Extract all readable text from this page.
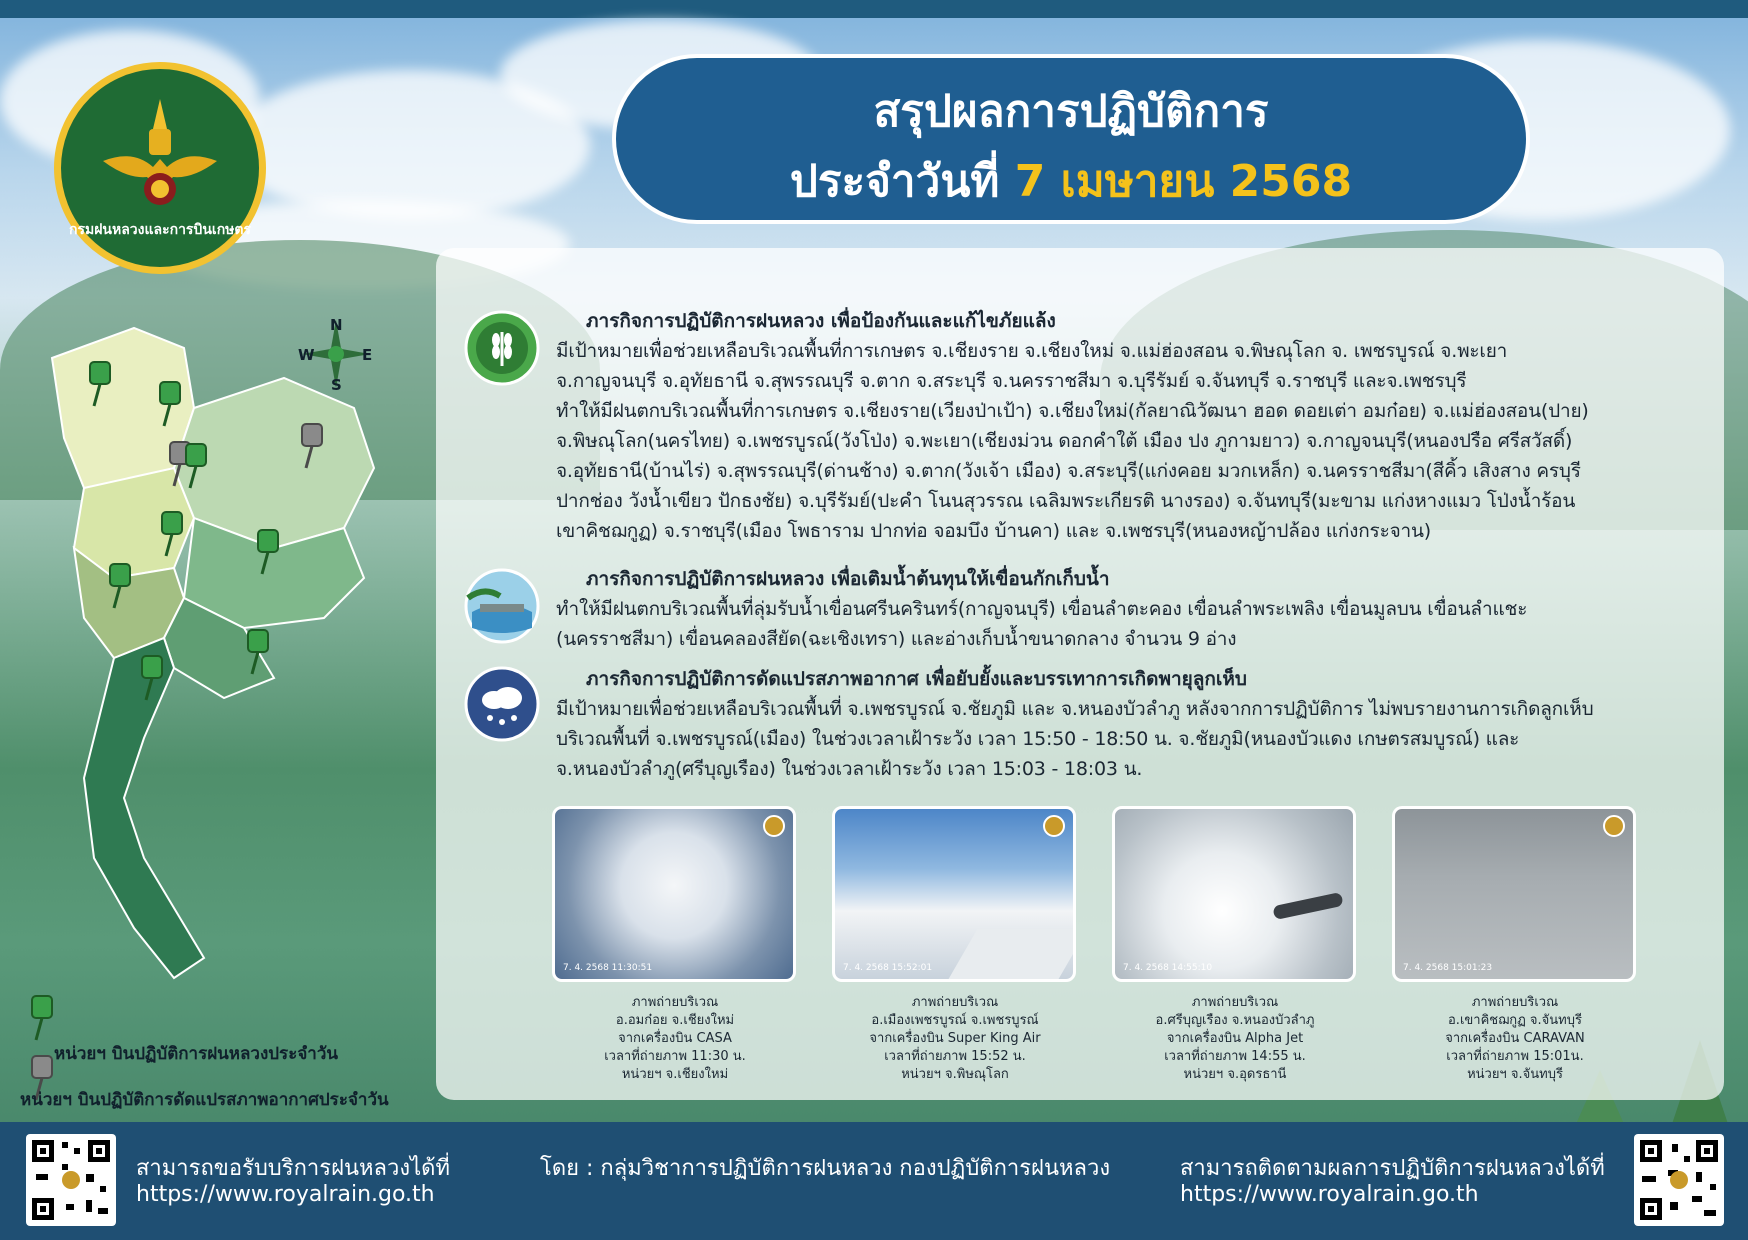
กรมฝนหลวงและการบินเกษตร
สรุปผลการปฏิบัติการ
ประจำวันที่ 7 เมษายน 2568
N
S
E
W
หน่วยฯ บินปฏิบัติการฝนหลวงประจำวัน
หน่วยฯ บินปฏิบัติการดัดแปรสภาพอากาศประจำวัน
ภารกิจการปฏิบัติการฝนหลวง เพื่อป้องกันและแก้ไขภัยแล้ง
มีเป้าหมายเพื่อช่วยเหลือบริเวณพื้นที่การเกษตร จ.เชียงราย จ.เชียงใหม่ จ.แม่ฮ่องสอน จ.พิษณุโลก จ. เพชรบูรณ์ จ.พะเยา
จ.กาญจนบุรี จ.อุทัยธานี จ.สุพรรณบุรี จ.ตาก จ.สระบุรี จ.นครราชสีมา จ.บุรีรัมย์ จ.จันทบุรี จ.ราชบุรี และจ.เพชรบุรี
ทำให้มีฝนตกบริเวณพื้นที่การเกษตร จ.เชียงราย(เวียงป่าเป้า) จ.เชียงใหม่(กัลยาณิวัฒนา ฮอด ดอยเต่า อมก๋อย) จ.แม่ฮ่องสอน(ปาย)
จ.พิษณุโลก(นครไทย) จ.เพชรบูรณ์(วังโป่ง) จ.พะเยา(เชียงม่วน ดอกคำใต้ เมือง ปง ภูกามยาว) จ.กาญจนบุรี(หนองปรือ ศรีสวัสดิ์)
จ.อุทัยธานี(บ้านไร่) จ.สุพรรณบุรี(ด่านช้าง) จ.ตาก(วังเจ้า เมือง) จ.สระบุรี(แก่งคอย มวกเหล็ก) จ.นครราชสีมา(สีคิ้ว เสิงสาง ครบุรี
ปากช่อง วังน้ำเขียว ปักธงชัย) จ.บุรีรัมย์(ปะคำ โนนสุวรรณ เฉลิมพระเกียรติ นางรอง) จ.จันทบุรี(มะขาม แก่งหางแมว โป่งน้ำร้อน
เขาคิชฌกูฏ) จ.ราชบุรี(เมือง โพธาราม ปากท่อ จอมบึง บ้านคา) และ จ.เพชรบุรี(หนองหญ้าปล้อง แก่งกระจาน)
ภารกิจการปฏิบัติการฝนหลวง เพื่อเติมน้ำต้นทุนให้เขื่อนกักเก็บน้ำ
ทำให้มีฝนตกบริเวณพื้นที่ลุ่มรับน้ำเขื่อนศรีนครินทร์(กาญจนบุรี) เขื่อนลำตะคอง เขื่อนลำพระเพลิง เขื่อนมูลบน เขื่อนลำแชะ
(นครราชสีมา) เขื่อนคลองสียัด(ฉะเชิงเทรา) และอ่างเก็บน้ำขนาดกลาง จำนวน 9 อ่าง
ภารกิจการปฏิบัติการดัดแปรสภาพอากาศ เพื่อยับยั้งและบรรเทาการเกิดพายุลูกเห็บ
มีเป้าหมายเพื่อช่วยเหลือบริเวณพื้นที่ จ.เพชรบูรณ์ จ.ชัยภูมิ และ จ.หนองบัวลำภู หลังจากการปฏิบัติการ ไม่พบรายงานการเกิดลูกเห็บ
บริเวณพื้นที่ จ.เพชรบูรณ์(เมือง) ในช่วงเวลาเฝ้าระวัง เวลา 15:50 - 18:50 น. จ.ชัยภูมิ(หนองบัวแดง เกษตรสมบูรณ์) และ
จ.หนองบัวลำภู(ศรีบุญเรือง) ในช่วงเวลาเฝ้าระวัง เวลา 15:03 - 18:03 น.
7. 4. 2568 11:30:51	7. 4. 2568 15:52:01	7. 4. 2568 14:55:10	7. 4. 2568 15:01:23
ภาพถ่ายบริเวณ
อ.อมก๋อย จ.เชียงใหม่
จากเครื่องบิน CASA
เวลาที่ถ่ายภาพ 11:30 น.
หน่วยฯ จ.เชียงใหม่
ภาพถ่ายบริเวณ
อ.เมืองเพชรบูรณ์ จ.เพชรบูรณ์
จากเครื่องบิน Super King Air
เวลาที่ถ่ายภาพ 15:52 น.
หน่วยฯ จ.พิษณุโลก
ภาพถ่ายบริเวณ
อ.ศรีบุญเรือง จ.หนองบัวลำภู
จากเครื่องบิน Alpha Jet
เวลาที่ถ่ายภาพ 14:55 น.
หน่วยฯ จ.อุดรธานี
ภาพถ่ายบริเวณ
อ.เขาคิชฌกูฏ จ.จันทบุรี
จากเครื่องบิน CARAVAN
เวลาที่ถ่ายภาพ 15:01น.
หน่วยฯ จ.จันทบุรี
สามารถขอรับบริการฝนหลวงได้ที่
https://www.royalrain.go.th
โดย : กลุ่มวิชาการปฏิบัติการฝนหลวง กองปฏิบัติการฝนหลวง	สามารถติดตามผลการปฏิบัติการฝนหลวงได้ที่
https://www.royalrain.go.th
